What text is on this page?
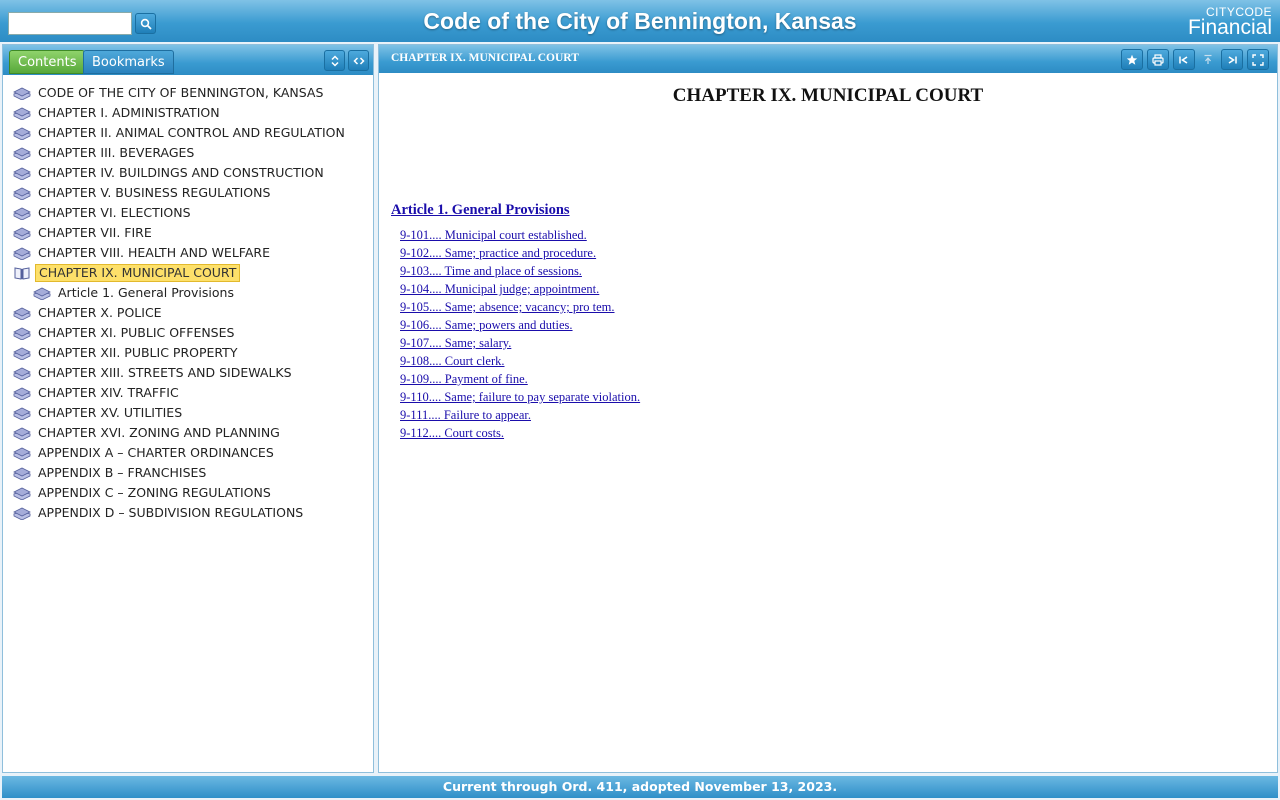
Code of the City of Bennington, Kansas	CITYCODE
Financial
Contents	Bookmarks
CODE OF THE CITY OF BENNINGTON, KANSAS
CHAPTER I. ADMINISTRATION
CHAPTER II. ANIMAL CONTROL AND REGULATION
CHAPTER III. BEVERAGES
CHAPTER IV. BUILDINGS AND CONSTRUCTION
CHAPTER V. BUSINESS REGULATIONS
CHAPTER VI. ELECTIONS
CHAPTER VII. FIRE
CHAPTER VIII. HEALTH AND WELFARE
CHAPTER IX. MUNICIPAL COURT
Article 1. General Provisions
CHAPTER X. POLICE
CHAPTER XI. PUBLIC OFFENSES
CHAPTER XII. PUBLIC PROPERTY
CHAPTER XIII. STREETS AND SIDEWALKS
CHAPTER XIV. TRAFFIC
CHAPTER XV. UTILITIES
CHAPTER XVI. ZONING AND PLANNING
APPENDIX A – CHARTER ORDINANCES
APPENDIX B – FRANCHISES
APPENDIX C – ZONING REGULATIONS
APPENDIX D – SUBDIVISION REGULATIONS
CHAPTER IX. MUNICIPAL COURT
CHAPTER IX. MUNICIPAL COURT
Article 1. General Provisions
9-101.... Municipal court established.
9-102.... Same; practice and procedure.
9-103.... Time and place of sessions.
9-104.... Municipal judge; appointment.
9-105.... Same; absence; vacancy; pro tem.
9-106.... Same; powers and duties.
9-107.... Same; salary.
9-108.... Court clerk.
9-109.... Payment of fine.
9-110.... Same; failure to pay separate violation.
9-111.... Failure to appear.
9-112.... Court costs.
Current through Ord. 411, adopted November 13, 2023.
